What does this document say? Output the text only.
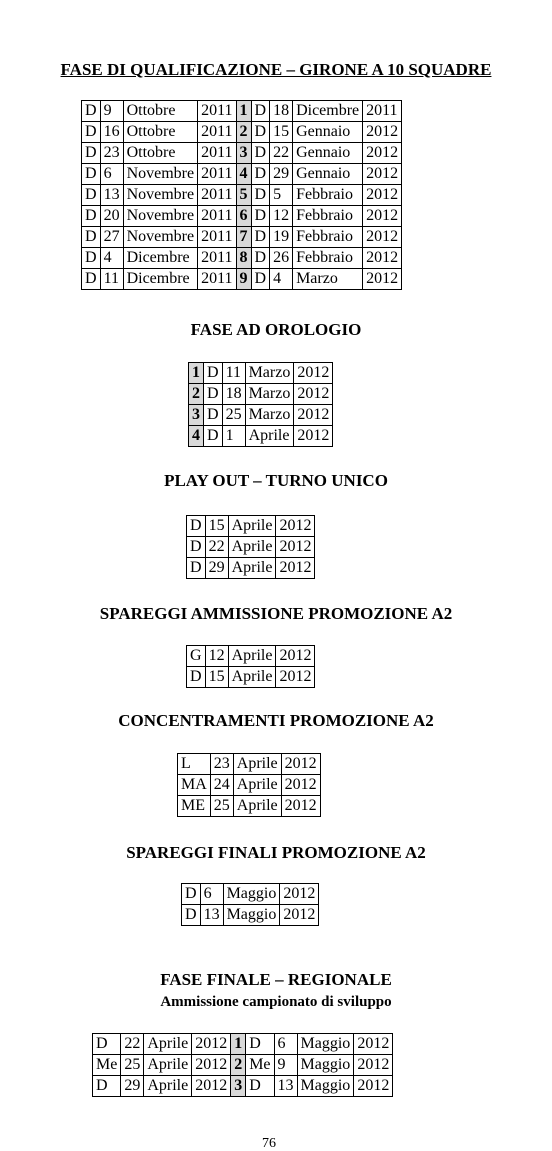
FASE DI QUALIFICAZIONE – GIRONE A 10 SQUADRE
D	9	Ottobre	2011	1	D	18	Dicembre	2011
D	16	Ottobre	2011	2	D	15	Gennaio	2012
D	23	Ottobre	2011	3	D	22	Gennaio	2012
D	6	Novembre	2011	4	D	29	Gennaio	2012
D	13	Novembre	2011	5	D	5	Febbraio	2012
D	20	Novembre	2011	6	D	12	Febbraio	2012
D	27	Novembre	2011	7	D	19	Febbraio	2012
D	4	Dicembre	2011	8	D	26	Febbraio	2012
D	11	Dicembre	2011	9	D	4	Marzo	2012
FASE AD OROLOGIO
1	D	11	Marzo	2012
2	D	18	Marzo	2012
3	D	25	Marzo	2012
4	D	1	Aprile	2012
PLAY OUT – TURNO UNICO
D	15	Aprile	2012
D	22	Aprile	2012
D	29	Aprile	2012
SPAREGGI AMMISSIONE PROMOZIONE A2
G	12	Aprile	2012
D	15	Aprile	2012
CONCENTRAMENTI PROMOZIONE A2
L	23	Aprile	2012
MA	24	Aprile	2012
ME	25	Aprile	2012
SPAREGGI FINALI PROMOZIONE A2
D	6	Maggio	2012
D	13	Maggio	2012
FASE FINALE – REGIONALE
Ammissione campionato di sviluppo
D	22	Aprile	2012	1	D	6	Maggio	2012
Me	25	Aprile	2012	2	Me	9	Maggio	2012
D	29	Aprile	2012	3	D	13	Maggio	2012
76
